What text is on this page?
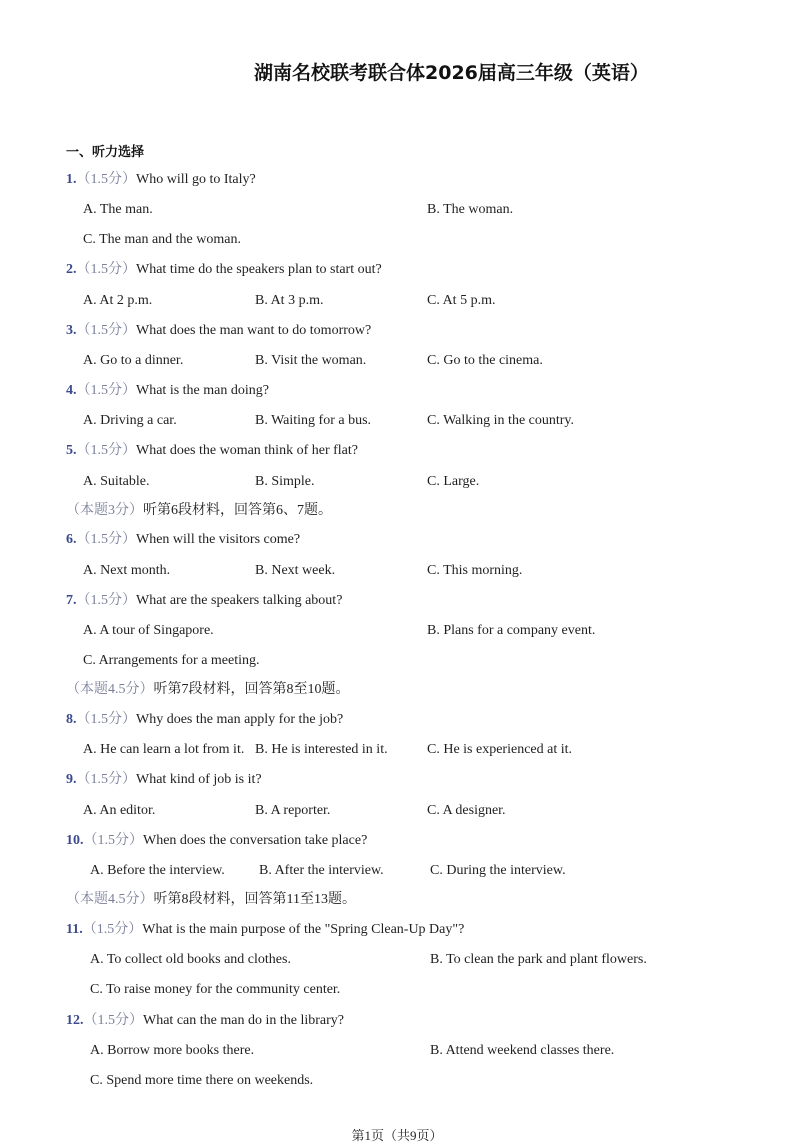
湖南名校联考联合体2026届高三年级（英语）
一、听力选择
1.（1.5分）Who will go to Italy?
A. The man.	B. The woman.
C. The man and the woman.
2.（1.5分）What time do the speakers plan to start out?
A. At 2 p.m.	B. At 3 p.m.	C. At 5 p.m.
3.（1.5分）What does the man want to do tomorrow?
A. Go to a dinner.	B. Visit the woman.	C. Go to the cinema.
4.（1.5分）What is the man doing?
A. Driving a car.	B. Waiting for a bus.	C. Walking in the country.
5.（1.5分）What does the woman think of her flat?
A. Suitable.	B. Simple.	C. Large.
（本题3分）听第6段材料，回答第6、7题。
6.（1.5分）When will the visitors come?
A. Next month.	B. Next week.	C. This morning.
7.（1.5分）What are the speakers talking about?
A. A tour of Singapore.	B. Plans for a company event.
C. Arrangements for a meeting.
（本题4.5分）听第7段材料，回答第8至10题。
8.（1.5分）Why does the man apply for the job?
A. He can learn a lot from it. B. He is interested in it.	C. He is experienced at it.
9.（1.5分）What kind of job is it?
A. An editor.	B. A reporter.	C. A designer.
10.（1.5分）When does the conversation take place?
A. Before the interview. B. After the interview.	C. During the interview.
（本题4.5分）听第8段材料，回答第11至13题。
11.（1.5分）What is the main purpose of the "Spring Clean-Up Day"?
A. To collect old books and clothes.	B. To clean the park and plant flowers.
C. To raise money for the community center.
12.（1.5分）What can the man do in the library?
A. Borrow more books there.	B. Attend weekend classes there.
C. Spend more time there on weekends.
第1页（共9页）
